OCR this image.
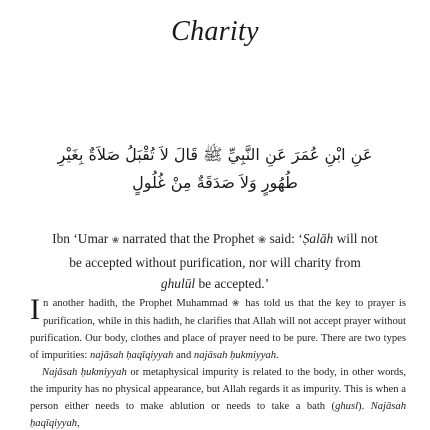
Charity
عَنِ ابْنِ عُمَرَ عَنِ النَّبِيِّ ﷺ قَالَ لاَ تُقْبَلُ صَلاَةٌ بِغَيْرِ طُهُورٍ وَلاَ صَدَقَةٌ مِنْ غُلُولٍ
Ibn ‘Umar ❀ narrated that the Prophet ❀ said: ‘Ṣalāh will not be accepted without purification, nor will charity from ghulūl be accepted.’

In another hadith, the Prophet Muhammad ❀ has told us that the key to prayer is purification, while in this hadith, he clarifies that Allah will not accept prayer without purification. Our body, clothes and place of prayer need to be pure. There are two types of impurities: najāsah ḥaqīqiyyah and najāsah ḥukmiyyah.

Najāsah ḥukmiyyah or metaphysical impurity is related to the body, in other words, the impurity has no physical appearance, but Allah regards it as impurity. This is when a person either needs to make ablution or needs to take a bath (ghusl). Najāsah ḥaqīqiyyah,
